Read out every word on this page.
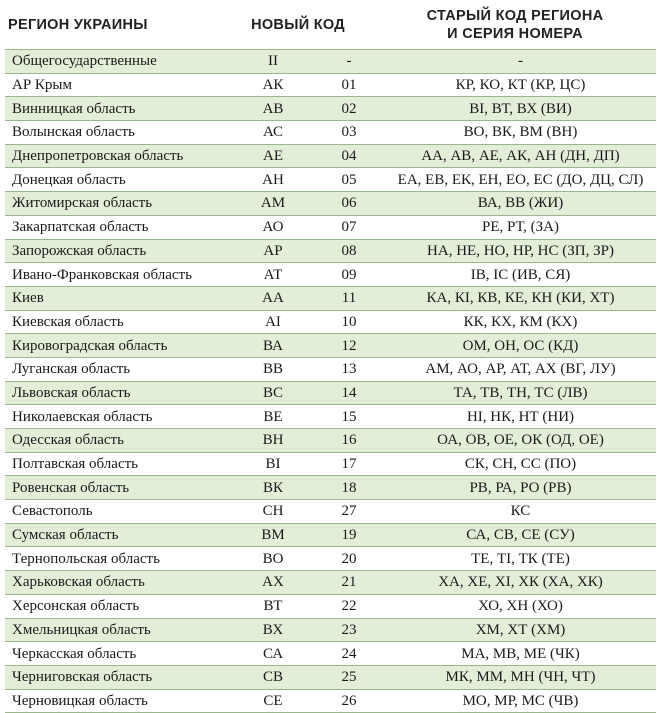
РЕГИОН УКРАИНЫ	НОВЫЙ КОД
СТАРЫЙ КОД РЕГИОНА
И СЕРИЯ НОМЕРА
Общегосударственные	II	-	-
АР Крым	АК	01	КР, КО, КТ (КР, ЦС)
Винницкая область	АВ	02	ВІ, ВТ, ВХ (ВИ)
Волынская область	АС	03	ВО, ВК, ВМ (ВН)
Днепропетровская область	АЕ	04	АА, АВ, АЕ, АК, АН (ДН, ДП)
Донецкая область	АН	05	ЕА, ЕВ, ЕК, ЕН, ЕО, ЕС (ДО, ДЦ, СЛ)
Житомирская область	АМ	06	ВА, ВВ (ЖИ)
Закарпатская область	АО	07	РЕ, РТ, (ЗА)
Запорожская область	АР	08	НА, НЕ, НО, НР, НС (ЗП, ЗР)
Ивано-Франковская область	АТ	09	ІВ, ІС (ИВ, СЯ)
Киев	АА	11	КА, КІ, КВ, КЕ, КН (КИ, ХТ)
Киевская область	АІ	10	КК, КХ, КМ (КХ)
Кировоградская область	ВА	12	ОМ, ОН, ОС (КД)
Луганская область	ВВ	13	АМ, АО, АР, АТ, АХ (ВГ, ЛУ)
Львовская область	ВС	14	ТА, ТВ, ТН, ТС (ЛВ)
Николаевская область	ВЕ	15	НІ, НК, НТ (НИ)
Одесская область	ВН	16	ОА, ОВ, ОЕ, ОК (ОД, ОЕ)
Полтавская область	ВІ	17	СК, СН, СС (ПО)
Ровенская область	ВК	18	РВ, РА, РО (РВ)
Севастополь	СН	27	КС
Сумская область	ВМ	19	СА, СВ, СЕ (СУ)
Тернопольская область	ВО	20	ТЕ, ТІ, ТК (ТЕ)
Харьковская область	АХ	21	ХА, ХЕ, ХІ, ХК (ХА, ХК)
Херсонская область	ВТ	22	ХО, ХН (ХО)
Хмельницкая область	ВХ	23	ХМ, ХТ (ХМ)
Черкасская область	СА	24	МА, МВ, МЕ (ЧК)
Черниговская область	СВ	25	МК, ММ, МН (ЧН, ЧТ)
Черновицкая область	СЕ	26	МО, МР, МС (ЧВ)
